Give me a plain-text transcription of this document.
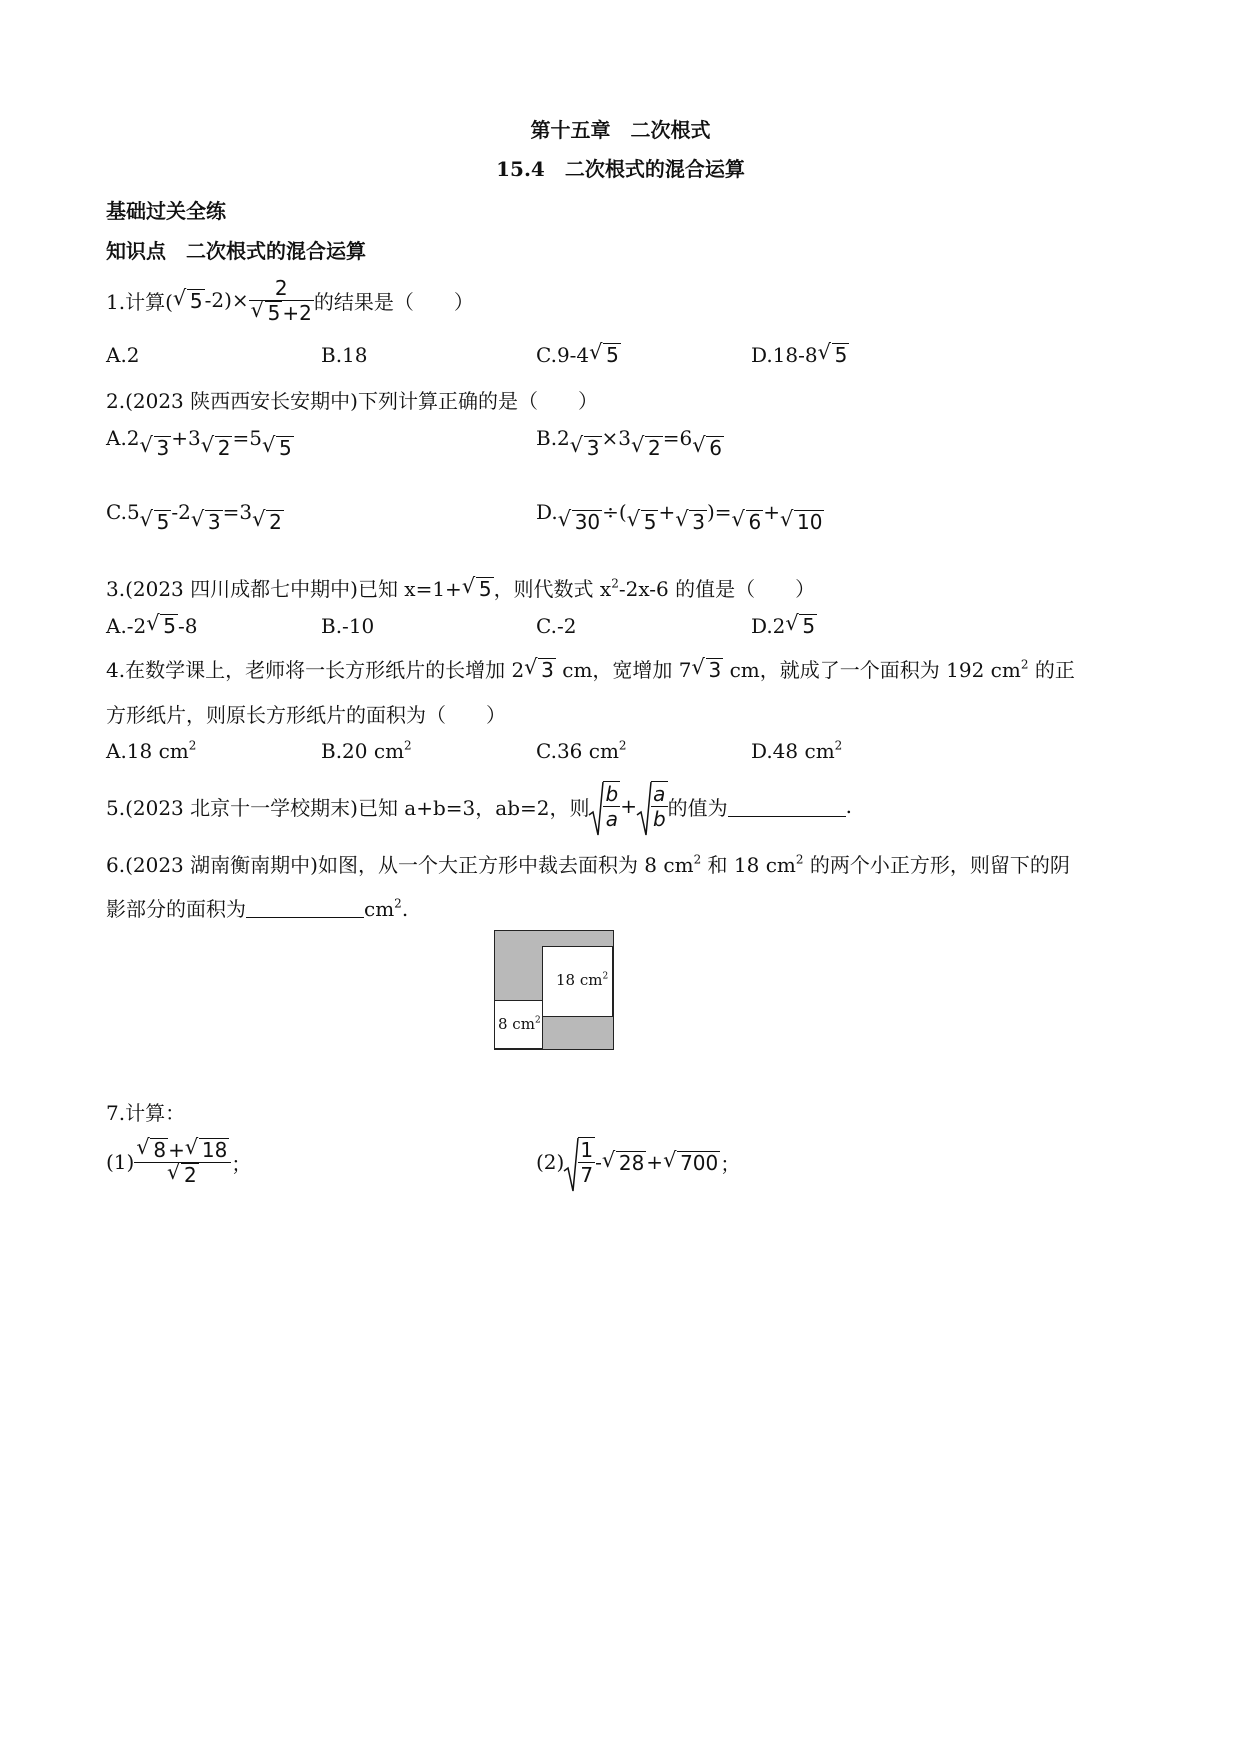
第十五章　二次根式
15.4　二次根式的混合运算
基础过关全练
知识点　二次根式的混合运算
1.计算( √ 5 -2)× 2
√ 5 +2 的结果是（　　）
A.2	B.18	C.9-4 √ 5	D.18-8 √ 5
2.(2023 陕西西安长安期中)下列计算正确的是（　　）
A.2 √ 3 +3 √ 2 =5 √ 5	B.2 √ 3 ×3 √ 2 =6 √ 6
C.5 √ 5 -2 √ 3 =3 √ 2	D. √ 30 ÷( √ 5 + √ 3 )= √ 6 + √ 10
3.(2023 四川成都七中期中)已知 x=1+ √ 5 ，则代数式 $x^2-2x-6$ 的值是（　　）
A.-2 √ 5 -8	B.-10	C.-2	D.2 √ 5
4.在数学课上，老师将一长方形纸片的长增加 2 √ 3 cm，宽增加 7 √ 3 cm，就成了一个面积为 192 $cm^2$ 的正
方形纸片，则原长方形纸片的面积为（　　）
A.18 $cm^2$	B.20 $cm^2$	C.36 $cm^2$	D.48 $cm^2$
5.(2023 北京十一学校期末)已知 a+b=3，ab=2，则 $\frac{b}{a} + \frac{a}{b}$ 的值为	.
6.(2023 湖南衡南期中)如图，从一个大正方形中裁去面积为 8 $cm^2$ 和 18 $cm^2$ 的两个小正方形，则留下的阴
影部分的面积为	$cm^2$.
18 $cm^2$
8 $cm^2$
7.计算：
(1) √ 8 + √ 18
√ 2 ；	$(2) \frac{1}{7}$ - √ 28 + √ 700 ；
